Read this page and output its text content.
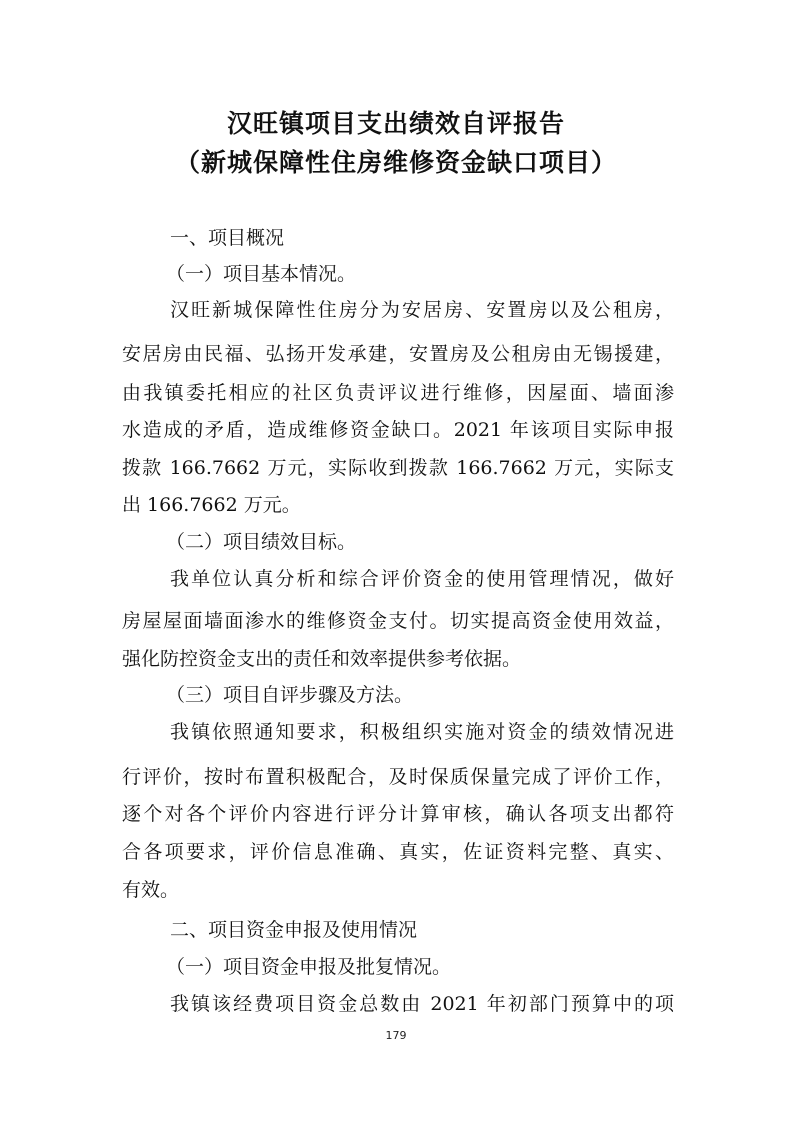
汉旺镇项目支出绩效自评报告
（新城保障性住房维修资金缺口项目）
一、项目概况
（一）项目基本情况。
汉旺新城保障性住房分为安居房、安置房以及公租房，
安居房由民福、弘扬开发承建，安置房及公租房由无锡援建，
由我镇委托相应的社区负责评议进行维修，因屋面、墙面渗
水造成的矛盾，造成维修资金缺口。2021 年该项目实际申报
拨款 166.7662 万元，实际收到拨款 166.7662 万元，实际支
出 166.7662 万元。
（二）项目绩效目标。
我单位认真分析和综合评价资金的使用管理情况，做好
房屋屋面墙面渗水的维修资金支付。切实提高资金使用效益，
强化防控资金支出的责任和效率提供参考依据。
（三）项目自评步骤及方法。
我镇依照通知要求，积极组织实施对资金的绩效情况进
行评价，按时布置积极配合，及时保质保量完成了评价工作，
逐个对各个评价内容进行评分计算审核，确认各项支出都符
合各项要求，评价信息准确、真实，佐证资料完整、真实、
有效。
二、项目资金申报及使用情况
（一）项目资金申报及批复情况。
我镇该经费项目资金总数由 2021 年初部门预算中的项
179
